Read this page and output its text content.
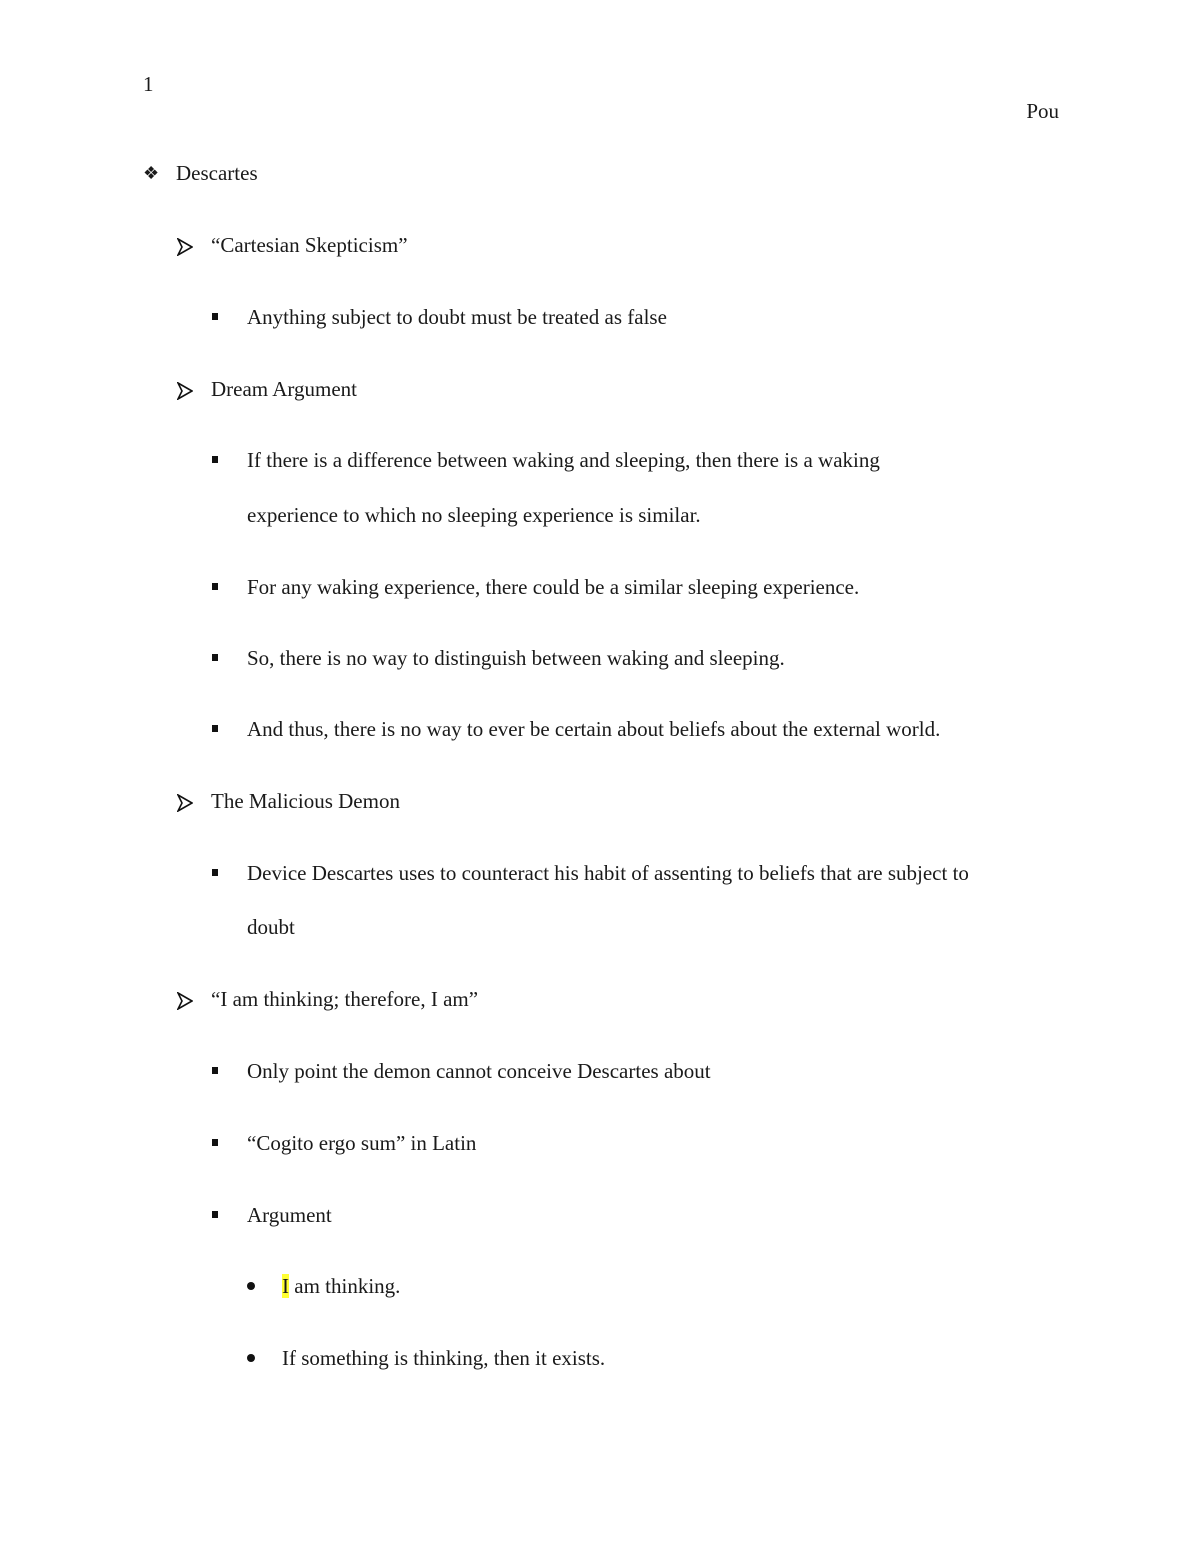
1
Pou
❖ Descartes
“Cartesian Skepticism”
Anything subject to doubt must be treated as false
Dream Argument
If there is a difference between waking and sleeping, then there is a waking
experience to which no sleeping experience is similar.
For any waking experience, there could be a similar sleeping experience.
So, there is no way to distinguish between waking and sleeping.
And thus, there is no way to ever be certain about beliefs about the external world.
The Malicious Demon
Device Descartes uses to counteract his habit of assenting to beliefs that are subject to
doubt
“I am thinking; therefore, I am”
Only point the demon cannot conceive Descartes about
“Cogito ergo sum” in Latin
Argument
I am thinking.
If something is thinking, then it exists.
